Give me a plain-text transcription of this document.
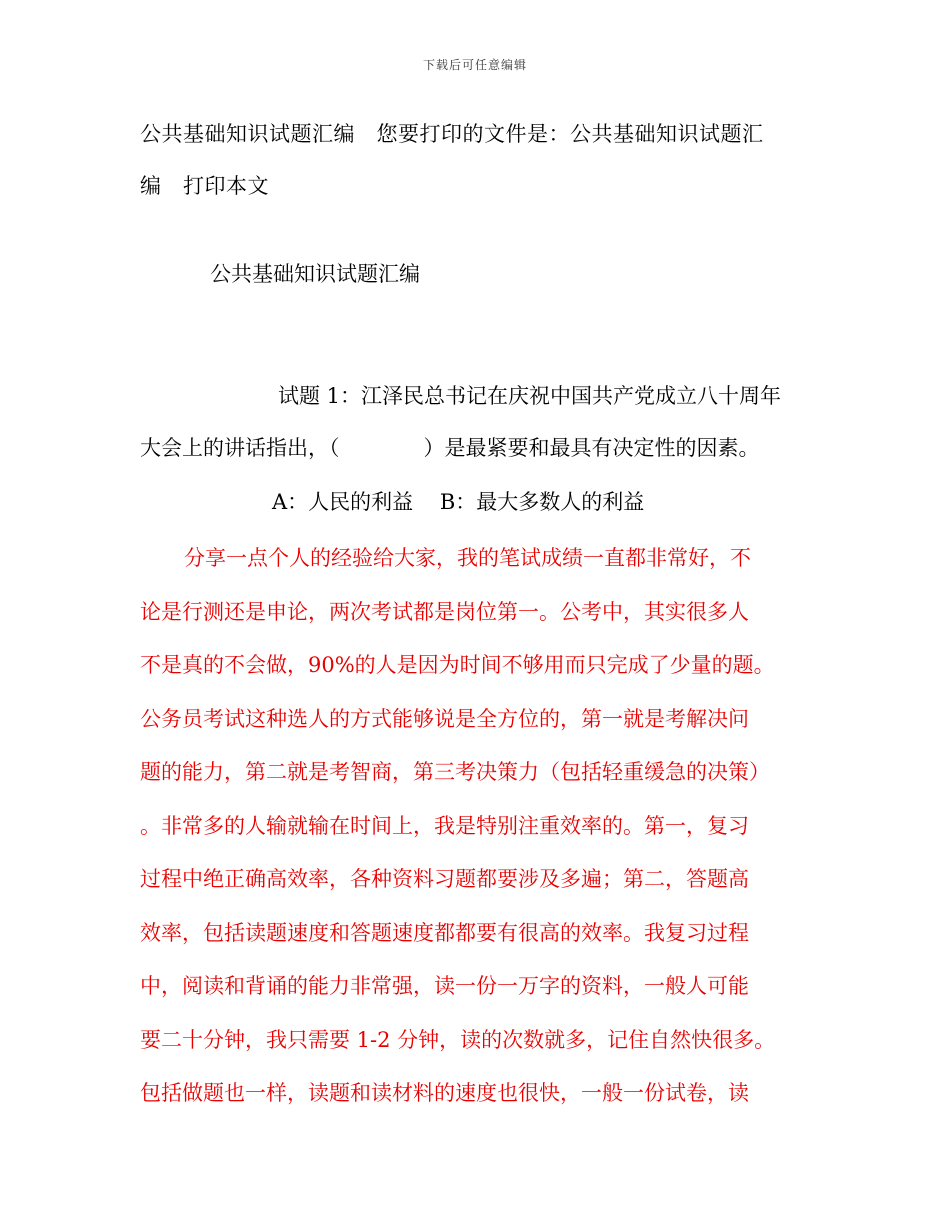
下载后可任意编辑
公共基础知识试题汇编　您要打印的文件是：公共基础知识试题汇
编　打印本文
公共基础知识试题汇编
试题 1：江泽民总书记在庆祝中国共产党成立八十周年
大会上的讲话指出，（　　　　）是最紧要和最具有决定性的因素。
A：人民的利益 B：最大多数人的利益
分享一点个人的经验给大家，我的笔试成绩一直都非常好，不
论是行测还是申论，两次考试都是岗位第一。公考中，其实很多人
不是真的不会做，90%的人是因为时间不够用而只完成了少量的题。
公务员考试这种选人的方式能够说是全方位的，第一就是考解决问
题的能力，第二就是考智商，第三考决策力（包括轻重缓急的决策）
。非常多的人输就输在时间上，我是特别注重效率的。第一，复习
过程中绝正确高效率，各种资料习题都要涉及多遍；第二，答题高
效率，包括读题速度和答题速度都都要有很高的效率。我复习过程
中，阅读和背诵的能力非常强，读一份一万字的资料，一般人可能
要二十分钟，我只需要 1-2 分钟，读的次数就多，记住自然快很多。
包括做题也一样，读题和读材料的速度也很快，一般一份试卷，读
